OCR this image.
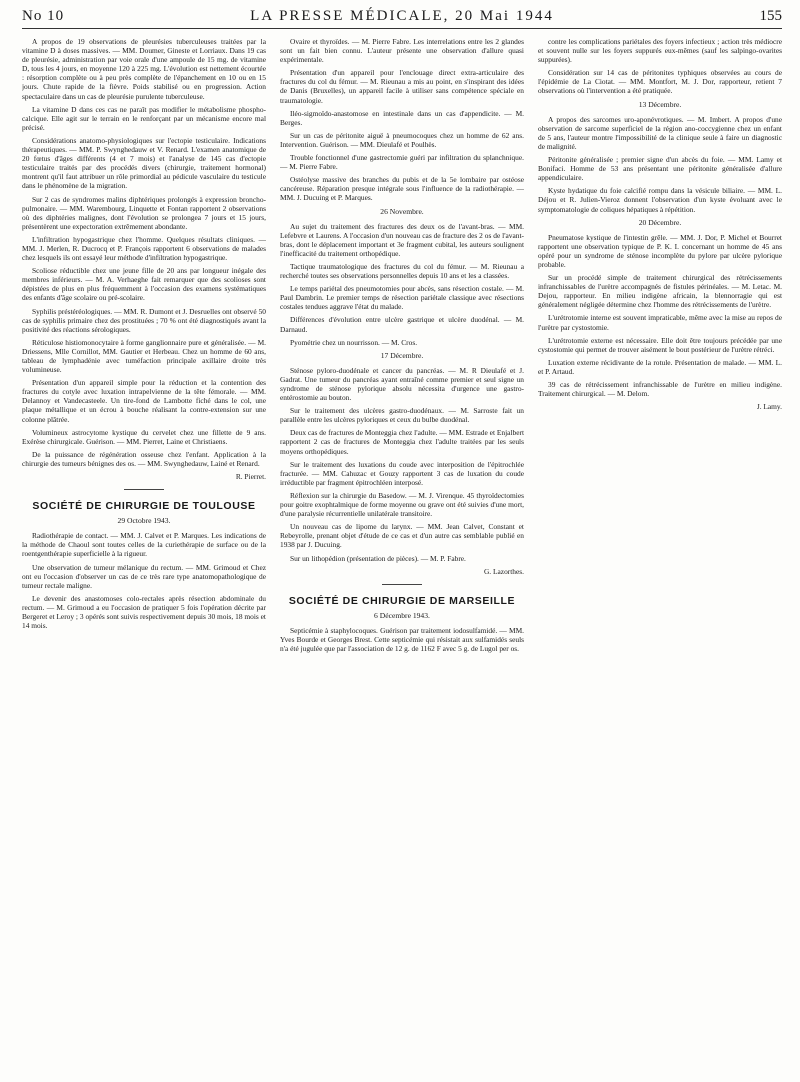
No 10	LA PRESSE MÉDICALE, 20 Mai 1944	155

A propos de 19 observations de pleurésies tuberculeuses traitées par la vitamine D à doses massives. — MM. Doumer, Gineste et Lorriaux. Dans 19 cas de pleurésie, administration par voie orale d'une ampoule de 15 mg. de vitamine D, tous les 4 jours, en moyenne 120 à 225 mg. L'évolution est nettement écourtée : résorption complète ou à peu près complète de l'épanchement en 10 ou en 15 jours. Chute rapide de la fièvre. Poids stabilisé ou en progression. Action spectaculaire dans un cas de pleurésie purulente tuberculeuse.

La vitamine D dans ces cas ne paraît pas modifier le métabolisme phospho-calcique. Elle agit sur le terrain en le renforçant par un mécanisme encore mal précisé.

Considérations anatomo-physiologiques sur l'ectopie testiculaire. Indications thérapeutiques. — MM. P. Swynghedauw et V. Renard. L'examen anatomique de 20 fœtus d'âges différents (4 et 7 mois) et l'analyse de 145 cas d'ectopie testiculaire traités par des procédés divers (chirurgie, traitement hormonal) montrent qu'il faut attribuer un rôle primordial au pédicule vasculaire du testicule dans le phénomène de la migration.

Sur 2 cas de syndromes malins diphtériques prolongés à expression broncho-pulmonaire. — MM. Warembourg, Linquette et Fontan rapportent 2 observations où des diphtéries malignes, dont l'évolution se prolongea 7 jours et 15 jours, présentèrent une expectoration extrêmement abondante.

L'infiltration hypogastrique chez l'homme. Quelques résultats cliniques. — MM. J. Merlen, R. Ducrocq et P. François rapportent 6 observations de malades chez lesquels ils ont essayé leur méthode d'infiltration hypogastrique.

Scoliose réductible chez une jeune fille de 20 ans par longueur inégale des membres inférieurs. — M. A. Verhaeghe fait remarquer que des scolioses sont dépistées de plus en plus fréquemment à l'occasion des examens systématiques des enfants d'âge scolaire ou pré-scolaire.

Syphilis préstéréologiques. — MM. R. Dumont et J. Desruelles ont observé 50 cas de syphilis primaire chez des prostituées ; 70 % ont été diagnostiqués avant la positivité des réactions sérologiques.

Réticulose histiomonocytaire à forme ganglionnaire pure et généralisée. — M. Driessens, Mlle Cornillot, MM. Gautier et Herbeau. Chez un homme de 60 ans, tableau de lymphadénie avec tuméfaction principale axillaire droite très volumineuse.

Présentation d'un appareil simple pour la réduction et la contention des fractures du cotyle avec luxation intrapelvienne de la tête fémorale. — MM. Delannoy et Vandecasteele. Un tire-fond de Lambotte fiché dans le col, une plaque métallique et un écrou à bouche réalisant la contre-extension sur une colonne plâtrée.

Volumineux astrocytome kystique du cervelet chez une fillette de 9 ans. Exérèse chirurgicale. Guérison. — MM. Pierret, Laine et Christiaens.

De la puissance de régénération osseuse chez l'enfant. Application à la chirurgie des tumeurs bénignes des os. — MM. Swynghedauw, Lainé et Renard.

R. Pierret.

SOCIÉTÉ DE CHIRURGIE DE TOULOUSE

29 Octobre 1943.

Radiothérapie de contact. — MM. J. Calvet et P. Marques. Les indications de la méthode de Chaoul sont toutes celles de la curiethérapie de surface ou de la roentgenthérapie superficielle à la rigueur.

Une observation de tumeur mélanique du rectum. — MM. Grimoud et Chez ont eu l'occasion d'observer un cas de ce très rare type anatomopathologique de tumeur rectale maligne.

Le devenir des anastomoses colo-rectales après résection abdominale du rectum. — M. Grimoud a eu l'occasion de pratiquer 5 fois l'opération décrite par Bergeret et Leroy ; 3 opérés sont suivis respectivement depuis 30 mois, 18 mois et 14 mois.

Ovaire et thyroïdes. — M. Pierre Fabre. Les interrelations entre les 2 glandes sont un fait bien connu. L'auteur présente une observation d'allure quasi expérimentale.

Présentation d'un appareil pour l'enclouage direct extra-articulaire des fractures du col du fémur. — M. Rieunau a mis au point, en s'inspirant des idées de Danis (Bruxelles), un appareil facile à utiliser sans compétence spéciale en traumatologie.

Iléo-sigmoïdo-anastomose en intestinale dans un cas d'appendicite. — M. Berges.

Sur un cas de péritonite aiguë à pneumocoques chez un homme de 62 ans. Intervention. Guérison. — MM. Dieulafé et Poulhès.

Trouble fonctionnel d'une gastrectomie guéri par infiltration du splanchnique. — M. Pierre Fabre.

Ostéolyse massive des branches du pubis et de la 5e lombaire par ostéose cancéreuse. Réparation presque intégrale sous l'influence de la radiothérapie. — MM. J. Ducuing et P. Marques.

26 Novembre.

Au sujet du traitement des fractures des deux os de l'avant-bras. — MM. Lefebvre et Laurens. A l'occasion d'un nouveau cas de fracture des 2 os de l'avant-bras, dont le déplacement important et 3e fragment cubital, les auteurs soulignent l'inefficacité du traitement orthopédique.

Tactique traumatologique des fractures du col du fémur. — M. Rieunau a recherché toutes ses observations personnelles depuis 10 ans et les a classées.

Le temps pariétal des pneumotomies pour abcès, sans résection costale. — M. Paul Dambrin. Le premier temps de résection pariétale classique avec résections costales tendues aggrave l'état du malade.

Différences d'évolution entre ulcère gastrique et ulcère duodénal. — M. Darnaud.

Pyométrie chez un nourrisson. — M. Cros.

17 Décembre.

Sténose pyloro-duodénale et cancer du pancréas. — M. R Dieulafé et J. Gadrat. Une tumeur du pancréas ayant entraîné comme premier et seul signe un syndrome de sténose pylorique absolu nécessita d'urgence une gastro-entérostomie au bouton.

Sur le traitement des ulcères gastro-duodénaux. — M. Sarroste fait un parallèle entre les ulcères pyloriques et ceux du bulbe duodénal.

Deux cas de fractures de Monteggia chez l'adulte. — MM. Estrade et Enjalbert rapportent 2 cas de fractures de Monteggia chez l'adulte traitées par les seuls moyens orthopédiques.

Sur le traitement des luxations du coude avec interposition de l'épitrochlée fracturée. — MM. Cahuzac et Gouzy rapportent 3 cas de luxation du coude irréductible par fragment épitrochléen interposé.

Réflexion sur la chirurgie du Basedow. — M. J. Virenque. 45 thyroïdectomies pour goitre exophtalmique de forme moyenne ou grave ont été suivies d'une mort, d'une paralysie récurrentielle unilatérale transitoire.

Un nouveau cas de lipome du larynx. — MM. Jean Calvet, Constant et Rebeyrolle, prenant objet d'étude de ce cas et d'un autre cas semblable publié en 1938 par J. Ducuing.

Sur un lithopédion (présentation de pièces). — M. P. Fabre.

G. Lazorthes.

SOCIÉTÉ DE CHIRURGIE DE MARSEILLE

6 Décembre 1943.

Septicémie à staphylocoques. Guérison par traitement iodosulfamidé. — MM. Yves Bourde et Georges Brest. Cette septicémie qui résistait aux sulfamidés seuls n'a été jugulée que par l'association de 12 g. de 1162 F avec 5 g. de Lugol per os.

contre les complications pariétales des foyers infectieux ; action très médiocre et souvent nulle sur les foyers suppurés eux-mêmes (sauf les salpingo-ovarites suppurées).

Considération sur 14 cas de péritonites typhiques observées au cours de l'épidémie de La Ciotat. — MM. Montfort, M. J. Dor, rapporteur, retient 7 observations où l'intervention a été pratiquée.

13 Décembre.

A propos des sarcomes uro-aponévrotiques. — M. Imbert. A propos d'une observation de sarcome superficiel de la région ano-coccygienne chez un enfant de 5 ans, l'auteur montre l'impossibilité de la clinique seule à faire un diagnostic de malignité.

Péritonite généralisée ; premier signe d'un abcès du foie. — MM. Lamy et Bonifaci. Homme de 53 ans présentant une péritonite généralisée d'allure appendiculaire.

Kyste hydatique du foie calcifié rompu dans la vésicule biliaire. — MM. L. Déjou et R. Julien-Vieroz donnent l'observation d'un kyste évoluant avec le symptomatologie de coliques hépatiques à répétition.

20 Décembre.

Pneumatose kystique de l'intestin grêle. — MM. J. Dor, P. Michel et Bourret rapportent une observation typique de P. K. I. concernant un homme de 45 ans opéré pour un syndrome de sténose incomplète du pylore par ulcère pylorique probable.

Sur un procédé simple de traitement chirurgical des rétrécissements infranchissables de l'urètre accompagnés de fistules périnéales. — M. Letac. M. Dejou, rapporteur. En milieu indigène africain, la blennorragie qui est généralement négligée détermine chez l'homme des rétrécissements de l'urètre.

L'urétrotomie interne est souvent impraticable, même avec la mise au repos de l'urètre par cystostomie.

L'urétrotomie externe est nécessaire. Elle doit être toujours précédée par une cystostomie qui permet de trouver aisément le bout postérieur de l'urètre rétréci.

Luxation externe récidivante de la rotule. Présentation de malade. — MM. L. et P. Artaud.

39 cas de rétrécissement infranchissable de l'urètre en milieu indigène. Traitement chirurgical. — M. Delom.

J. Lamy.
